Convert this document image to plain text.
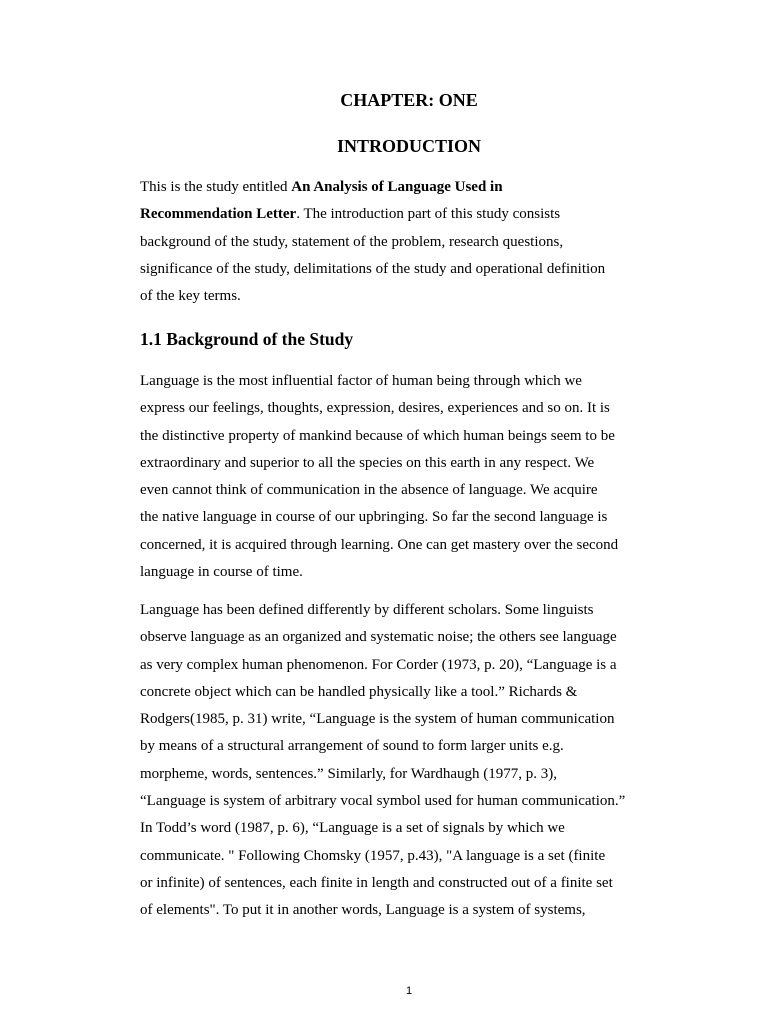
CHAPTER: ONE
INTRODUCTION
This is the study entitled An Analysis of Language Used in
Recommendation Letter. The introduction part of this study consists
background of the study, statement of the problem, research questions,
significance of the study, delimitations of the study and operational definition
of the key terms.
1.1 Background of the Study
Language is the most influential factor of human being through which we
express our feelings, thoughts, expression, desires, experiences and so on. It is
the distinctive property of mankind because of which human beings seem to be
extraordinary and superior to all the species on this earth in any respect. We
even cannot think of communication in the absence of language. We acquire
the native language in course of our upbringing. So far the second language is
concerned, it is acquired through learning. One can get mastery over the second
language in course of time.
Language has been defined differently by different scholars. Some linguists
observe language as an organized and systematic noise; the others see language
as very complex human phenomenon. For Corder (1973, p. 20), “Language is a
concrete object which can be handled physically like a tool.” Richards &
Rodgers(1985, p. 31) write, “Language is the system of human communication
by means of a structural arrangement of sound to form larger units e.g.
morpheme, words, sentences.” Similarly, for Wardhaugh (1977, p. 3),
“Language is system of arbitrary vocal symbol used for human communication.”
In Todd’s word (1987, p. 6), “Language is a set of signals by which we
communicate. " Following Chomsky (1957, p.43), "A language is a set (finite
or infinite) of sentences, each finite in length and constructed out of a finite set
of elements". To put it in another words, Language is a system of systems,
1
